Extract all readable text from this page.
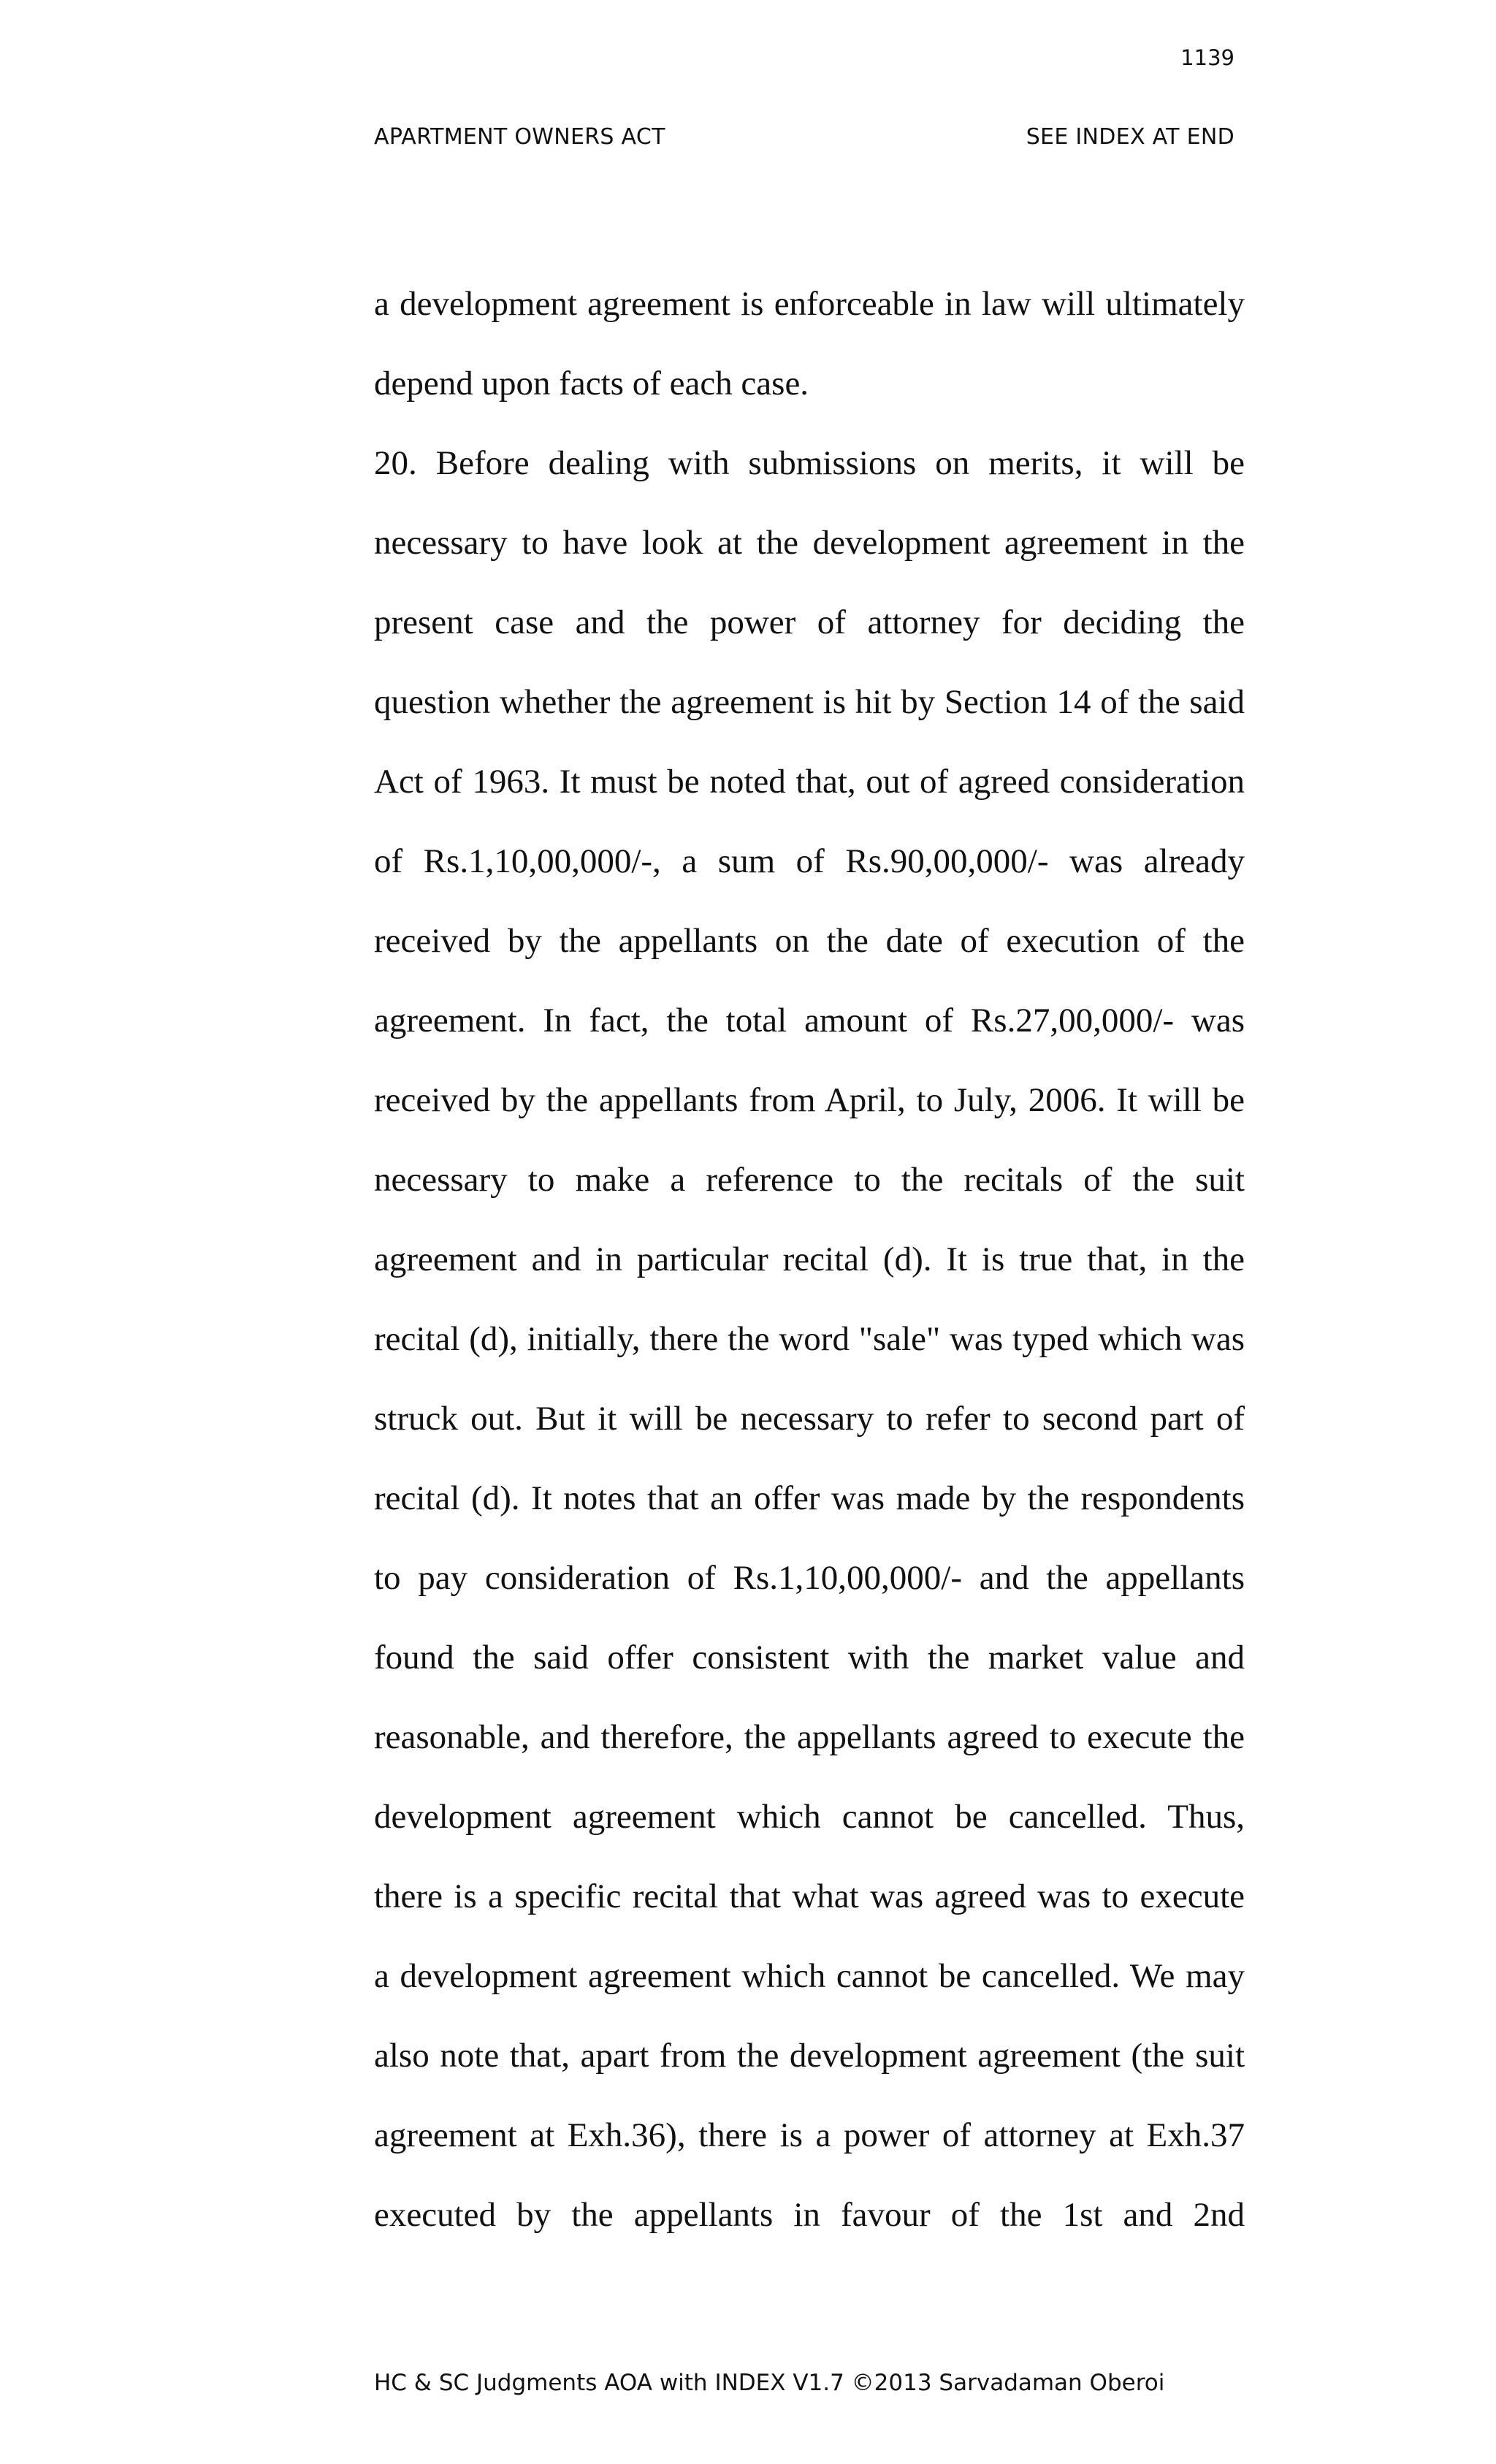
1139
APARTMENT OWNERS ACT	SEE INDEX AT END
a development agreement is enforceable in law will ultimately
depend upon facts of each case.
20. Before dealing with submissions on merits, it will be
necessary to have look at the development agreement in the
present case and the power of attorney for deciding the
question whether the agreement is hit by Section 14 of the said
Act of 1963. It must be noted that, out of agreed consideration
of Rs.1,10,00,000/-, a sum of Rs.90,00,000/- was already
received by the appellants on the date of execution of the
agreement. In fact, the total amount of Rs.27,00,000/- was
received by the appellants from April, to July, 2006. It will be
necessary to make a reference to the recitals of the suit
agreement and in particular recital (d). It is true that, in the
recital (d), initially, there the word "sale" was typed which was
struck out. But it will be necessary to refer to second part of
recital (d). It notes that an offer was made by the respondents
to pay consideration of Rs.1,10,00,000/- and the appellants
found the said offer consistent with the market value and
reasonable, and therefore, the appellants agreed to execute the
development agreement which cannot be cancelled. Thus,
there is a specific recital that what was agreed was to execute
a development agreement which cannot be cancelled. We may
also note that, apart from the development agreement (the suit
agreement at Exh.36), there is a power of attorney at Exh.37
executed by the appellants in favour of the 1st and 2nd
HC & SC Judgments AOA with INDEX V1.7 ©2013 Sarvadaman Oberoi
